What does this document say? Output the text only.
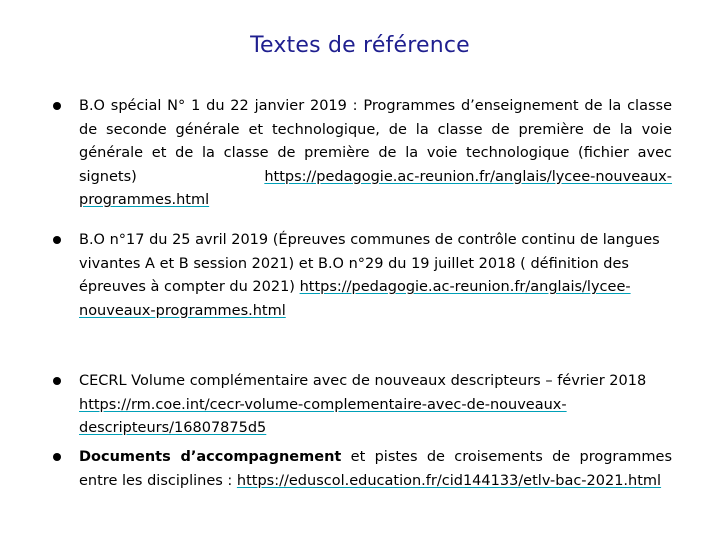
Textes de référence

B.O spécial N° 1 du 22 janvier 2019 : Programmes d’enseignement de la classe de seconde générale et technologique, de la classe de première de la voie générale et de la classe de première de la voie technologique (fichier avec signets) https://pedagogie.ac-reunion.fr/anglais/lycee-nouveaux-programmes.html

B.O n°17 du 25 avril 2019 (Épreuves communes de contrôle continu de langues vivantes A et B session 2021) et B.O n°29 du 19 juillet 2018 ( définition des épreuves à compter du 2021) https://pedagogie.ac-reunion.fr/anglais/lycee-nouveaux-programmes.html

CECRL Volume complémentaire avec de nouveaux descripteurs – février 2018 https://rm.coe.int/cecr-volume-complementaire-avec-de-nouveaux-descripteurs/16807875d5

Documents d’accompagnement et pistes de croisements de programmes entre les disciplines : https://eduscol.education.fr/cid144133/etlv-bac-2021.html
